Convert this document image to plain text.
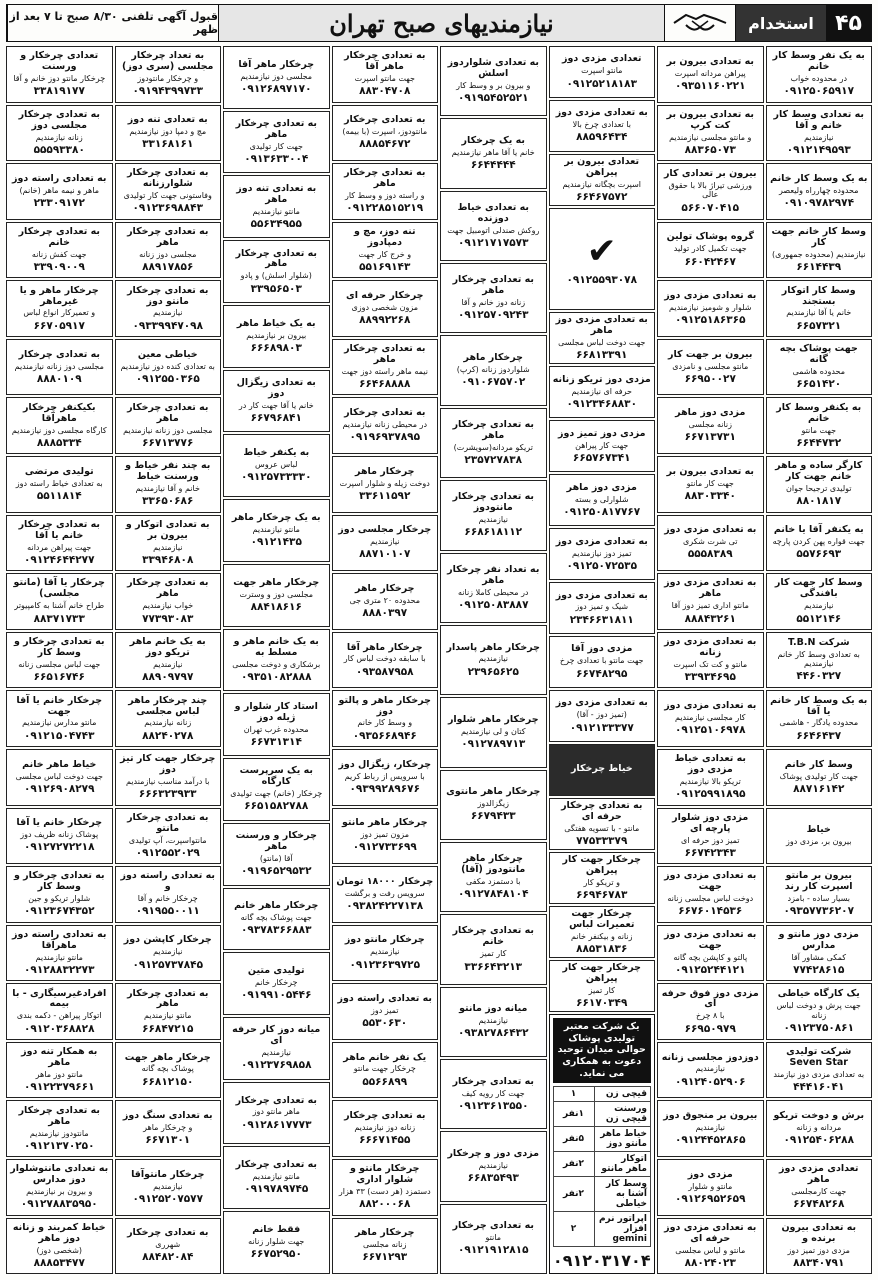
۴۵
استخدام
نیازمندیهای صبح تهران
قبول آگهی تلفنی ۸/۳۰ صبح تا ۷ بعد از ظهر
به یک نفر وسط کار خانم
در محدوده خواب
۰۹۱۲۵۰۶۵۹۱۷
به تعدادی وسط کار خانم و آقا
نیازمندیم
۰۹۱۲۱۴۹۵۹۳
به یک وسط کار خانم
محدوده چهارراه ولیعصر
۰۹۱۰۹۷۸۲۹۷۴
وسط کار خانم جهت کار
نیازمندیم (محدوده جمهوری)
۶۶۱۴۴۳۹
وسط کار اتوکار بستجند
خانم یا آقا نیازمندیم
۶۶۵۷۳۲۱
جهت پوشاک بچه گانه
محدوده هاشمی
۶۶۵۱۴۲۰
به یکنفر وسط کار خانم
جهت مانتو
۶۶۴۴۷۳۲
کارگر ساده و ماهر خانم جهت کار
تولیدی ترجیحا جوان
۸۸۰۱۸۱۷
به یکنفر آقا یا خانم
جهت قواره پهن کردن پارچه
۵۵۷۶۶۹۳
وسط کار جهت کار بافندگی
نیازمندیم
۵۵۱۲۱۴۶
شرکت T.B.N
به تعدادی وسط کار خانم نیازمندیم
۴۴۶۰۳۲۷
به یک وسط کار خانم یا آقا
محدوده یادگار - هاشمی
۶۶۴۶۴۳۷
وسط کار خانم
جهت کار تولیدی پوشاک
۸۸۷۱۶۱۴۲
خیاط
بیرون بر، مزدی دوز
بیرون بر مانتو اسپرت کار رند
بسیار ساده - بامزد
۰۹۳۵۷۷۳۶۲۰۷
مزدی دوز مانتو و مدارس
کمکی مشاور آقا
۷۷۴۲۸۶۱۵
یک کارگاه خیاطی
جهت پرش و دوخت لباس زنانه
۰۹۱۲۳۷۵۰۸۶۱
شرکت تولیدی Seven Star
به تعدادی مزدی دوز نیازمند
۴۴۴۱۶۰۴۱
برش و دوخت تریکو
مردانه و زنانه
۰۹۱۲۵۴۰۶۲۸۸
تعدادی مزدی دوز ماهر
جهت کارمجلسی
۶۶۷۴۸۲۶۸
به تعدادی بیرون برنده و
مزدی دوز تمیز دوز
۸۸۳۴۰۷۹۱
به تعدادی بیرون بر
پیراهن مردانه اسپرت
۰۹۳۵۱۱۶۰۲۲۱
به تعدادی بیرون بر کت کرپ
و مانتو مجلسی نیازمندیم
۸۸۳۶۵۰۷۳
بیرون بر تعدادی کار
ورزشی تیراژ بالا با حقوق عالی
۵۶۶۰۷۰۴۱۵
گروه پوشاک تولین
جهت تکمیل کادر تولید
۶۶۰۴۲۴۶۷
به تعدادی مزدی دوز
شلوار و شومیز نیازمندیم
۰۹۱۲۵۱۸۶۳۶۵
بیرون بر جهت کار
مانتو مجلسی و نامزدی
۶۶۹۵۰۰۲۷
مزدی دوز ماهر
زنانه مجلسی
۶۶۷۱۳۷۳۱
به تعدادی بیرون بر
جهت کار مانتو
۸۸۳۰۳۳۴۰
به تعدادی مزدی دوز
تی شرت شکری
۵۵۵۸۳۸۹
به تعدادی مزدی دوز ماهر
مانتو اداری تمیز دوز آقا
۸۸۸۴۳۲۶۱
به تعدادی مزدی دوز زنانه
مانتو و کت تک اسپرت
۳۳۹۳۴۶۹۵
به تعدادی مزدی دوز
کار مجلسی نیازمندیم
۰۹۱۲۵۱۰۶۹۷۸
به تعدادی خیاط مزدی دوز
تریکو بالا نیازمندیم
۰۹۱۲۵۹۹۱۸۹۵
مزدی دوز شلوار پارچه ای
تمیز دوز حرفه ای
۶۶۷۴۲۳۴۳
به تعدادی مزدی دوز جهت
دوخت لباس مجلسی زنانه
۶۶۷۶۰۱۴۵۳۶
به تعدادی مزدی دوز جهت
پالتو و کاپشن بچه گانه
۰۹۱۲۵۲۴۴۱۲۱
مزدی دوز فوق حرفه ای
با ۸ چرخ
۶۶۹۵۰۹۷۹
دوزدوز مجلسی زنانه
نیازمندیم
۰۹۱۲۴۰۵۲۹۰۶
بیرون بر منجوق دوز
نیازمندیم
۰۹۱۲۴۴۵۲۸۶۵
مزدی دوز
مانتو و شلوار
۰۹۱۲۶۹۵۲۶۵۹
به تعدادی مزدی دوز حرفه ای
مانتو و لباس مجلسی
۸۸۰۲۴۰۲۳
تعدادی مزدی دوز
مانتو اسپرت
۰۹۱۲۵۲۱۸۱۸۳
به تعدادی مزدی دوز
با تعدادی چرخ بالا
۸۸۵۹۶۴۳۴
تعدادی بیرون بر پیراهن
اسپرت بچگانه نیازمندیم
۶۶۴۶۷۵۷۲
✔
۰۹۱۲۵۵۹۳۰۷۸
به تعدادی مزدی دوز ماهر
جهت دوخت لباس مجلسی
۶۶۸۱۳۳۹۱
مزدی دوز تریکو زنانه
حرفه ای نیازمندیم
۰۹۱۲۳۴۶۸۸۳۰
مزدی دوز تمیز دوز
جهت کار پیراهن
۶۶۵۷۶۷۳۴۱
مزدی دوز ماهر
شلوارلی و بسته
۰۹۱۲۵۰۸۱۷۷۶۷
به تعدادی مزدی دوز
تمیز دوز نیازمندیم
۰۹۱۲۵۰۷۲۵۳۵
به تعدادی مزدی دوز
شیک و تمیز دوز
۲۳۴۶۶۳۱۸۱۱
مزدی دوز آقا
جهت مانتو با تعدادی چرخ
۶۶۷۴۸۲۹۵
به تعدادی مزدی دوز
(تمیز دوز - آقا)
۰۹۱۲۱۳۳۳۷۷
خیاط چرخکار
به تعدادی چرخکار حرفه ای
مانتو - با تسویه هفتگی
۷۷۵۳۳۳۷۹
چرخکار جهت کار پیراهن
و تریکو کار
۶۶۹۴۶۷۸۳
چرخکار جهت تعمیرات لباس
زنانه و بیکنفر خانم
۸۸۵۳۱۸۳۶
چرخکار جهت کار پیراهن
کار تمیز
۶۶۱۷۰۳۴۹
یک شرکت معتبر تولیدی پوشاک حوالی میدان توحید دعوت به همکاری می نماید.
قیچی زن	۱
ورسنت قیچی زن	۱نفر
خیاط ماهر مانتو دوز	۵نفر
اتوکار ماهر مانتو	۲نفر
وسط کار آشنا به خیاطی	۲نفر
اپراتور نرم افزار gemini	۲
۰۹۱۲۰۳۱۷۰۴
به تعدادی شلواردوز اسلش
و بیرون بر و وسط کار
۰۹۱۹۵۴۵۲۵۲۱
به یک چرخکار
خانم یا آقا ماهر نیازمندیم
۶۶۴۴۴۴۴
به تعدادی خیاط دوزنده
روکش صندلی اتومبیل جهت
۰۹۱۲۱۷۱۷۵۷۳
به تعدادی چرخکار ماهر
زنانه دوز خانم و آقا
۰۹۱۲۵۷۰۹۲۴۳
چرخکار ماهر
شلواردوز زنانه (کرپ)
۰۹۱۰۶۷۵۷۰۲
به تعدادی چرخکار ماهر
تریکو مردانه(سویشرت)
۲۳۵۷۲۷۸۳۸
به تعدادی چرخکار مانتودوز
نیازمندیم
۶۶۸۶۱۸۱۱۲
به تعداد نفر چرخکار ماهر
در محیطی کاملا زنانه
۰۹۱۲۵۰۸۳۸۸۷
چرخکار ماهر پاسدار
نیازمندیم
۲۳۹۶۵۶۲۵
چرخکار ماهر شلوار
کتان و لی نیازمندیم
۰۹۱۲۷۸۹۷۱۳
چرخکار ماهر مانتوی
زیگزالدوز
۶۶۷۹۴۳۳
چرخکار ماهر مانتودوز (آقا)
با دستمزد مکفی
۰۹۱۲۷۸۴۸۱۰۴
به تعدادی چرخکار خانم
کار تمیز
۳۳۶۶۴۳۲۱۳
میانه دوز مانتو
نیازمندیم
۰۹۳۸۲۷۸۶۴۳۲
به تعدادی چرخکار
جهت کار رویه کیف
۰۹۱۲۳۶۱۳۵۵۰
مزدی دوز و چرخکار
نیازمندیم
۶۶۸۳۵۴۹۳
به تعدادی چرخکار
مانتو
۰۹۱۲۱۹۱۲۸۱۵
به تعدادی چرخکار ماهر آقا
جهت مانتو اسپرت
۸۸۳۰۴۷۰۸
به تعدادی چرخکار
مانتودوز، اسپرت (با بیمه)
۸۸۸۵۴۶۷۲
به تعدادی چرخکار ماهر
و راسته دوز و وسط کار
۰۹۱۲۲۸۵۱۵۲۱۹
تنه دوز، مچ و دمپادوز
و خرج کار جهت
۵۵۱۶۹۱۴۳
چرخکار حرفه ای
مزون شخصی دوزی
۸۸۹۹۲۲۶۸
به تعدادی چرخکار ماهر
نیمه ماهر راسته دوز جهت
۶۶۴۶۸۸۸۸
به تعدادی چرخکار
در محیطی زنانه نیازمندیم
۰۹۱۹۶۹۳۷۸۹۵
چرخکار ماهر
دوخت زیله و شلوار اسپرت
۳۳۶۱۱۵۹۲
چرخکار مجلسی دوز
نیازمندیم
۸۸۷۱۰۱۰۷
چرخکار ماهر
محدوده ۲۰ متری جی
۸۸۸۰۳۹۷
چرخکار ماهر آقا
با سابقه دوخت لباس کار
۰۹۳۵۸۷۹۵۸
چرخکار ماهر و پالتو دوز
و وسط کار خانم
۰۹۳۵۶۶۸۹۴۶
چرخکار، زیگزال دوز
با سرویس از رباط کریم
۰۹۳۹۹۲۸۹۶۷۶
چرخکار ماهر مانتو
مزون تمیز دوز
۰۹۱۲۷۳۳۶۹۹
چرخکار ۱۸۰۰۰ تومان
سرویس رفت و برگشت
۰۹۳۸۲۴۲۲۷۱۳۸
چرخکار مانتو دوز
نیازمندیم
۰۹۱۲۳۶۳۹۷۲۵
به تعدادی راسته دوز
تمیز دوز
۵۵۳۰۶۳۰
یک نفر خانم ماهر
چرخکار جهت مانتو
۵۵۶۶۸۹۹
به تعدادی چرخکار
زنانه دوز نیازمندیم
۶۶۶۷۱۴۵۵
چرخکار مانتو و شلوار اداری
دستمزد (هر دست) ۳۳ هزار
۸۸۲۰۰۰۶۸
چرخکار ماهر
زنانه مجلسی
۶۶۷۱۲۹۳
چرخکار ماهر آقا
مجلسی دوز نیازمندیم
۰۹۱۲۶۸۹۷۱۷۰
به تعدادی چرخکار ماهر
جهت کار تولیدی
۰۹۱۳۶۳۳۰۰۴
به تعدادی تنه دوز ماهر
مانتو نیازمندیم
۵۵۶۳۴۹۵۵
به تعدادی چرخکار ماهر
(شلوار اسلش) و پادو
۳۳۹۵۶۵۰۳
به یک خیاط ماهر
بیرون بر نیازمندیم
۶۶۶۸۹۸۰۳
به تعدادی زیگزال دوز
خانم یا آقا جهت کار در
۶۶۷۹۶۸۴۱
به یکنفر خیاط
لباس عروس
۰۹۱۲۵۷۳۳۳۳۰
به یک چرخکار ماهر
مانتو نیازمندیم
۰۹۱۲۱۴۳۵
چرخکار ماهر جهت
مجلسی دوز و وسترت
۸۸۴۱۸۶۱۶
به یک خانم ماهر و مسلط به
برشکاری و دوخت مجلسی
۰۹۳۵۱۰۸۲۸۸۸
استاد کار شلوار و ژیله دوز
محدوده غرب تهران
۶۶۷۳۱۳۱۴
به یک سرپرست کارگاه
چرخکار (خانم) جهت تولیدی
۶۶۵۱۵۸۲۷۸۸
چرخکار و ورسنت ماهر
آقا (مانتو)
۰۹۱۹۶۵۲۹۵۳۲
چرخکار ماهر خانم
جهت پوشاک بچه گانه
۰۹۳۷۸۳۶۶۸۸۳
تولیدی متین
چرخکار خانم
۰۹۱۹۹۱۰۵۴۴۶
میانه دوز کار حرفه ای
نیازمندیم
۰۹۱۲۳۷۶۹۸۵۸
به تعدادی چرخکار
ماهر مانتو دوز
۰۹۱۲۸۶۱۷۷۷۳
به تعدادی چرخکار
مانتو نیازمندیم
۰۹۱۹۷۸۹۷۴۵
فقط خانم
جهت شلوار زنانه
۶۶۷۵۲۹۵۰
به تعداد چرخکار مجلسی (سری دوز)
و چرخکار مانتودوز
۰۹۱۹۴۳۹۹۷۳۳
به تعدادی تنه دوز
مچ و دمپا دوز نیازمندیم
۳۳۱۶۸۱۶۱
به تعدادی چرخکار شلوارزنانه
وفاستونی جهت کار تولیدی
۰۹۱۲۳۶۹۸۸۴۳
به تعدادی چرخکار ماهر
مجلسی دوز زنانه
۸۸۹۱۷۸۵۶
به تعدادی چرخکار مانتو دوز
نیازمندیم
۰۹۳۳۹۹۴۷۰۹۸
خیاطی معین
به تعدادی کنده دوز نیازمندیم
۰۹۱۲۵۵۰۳۶۵
به تعدادی چرخکار ماهر
مجلسی دوز زنانه نیازمندیم
۶۶۷۱۳۷۷۶
به چند نفر خیاط و ورسنت خیاط
خانم و آقا نیازمندیم
۳۳۶۵۰۶۸۶
به تعدادی اتوکار و بیرون بر
نیازمندیم
۳۳۹۴۶۸۰۸
به تعدادی چرخکار ماهر
خواب نیازمندیم
۷۷۳۹۳۰۸۳
به یک خانم ماهر تریکو دوز
نیازمندیم
۸۸۹۰۹۷۹۷
چند چرخکار ماهر لباس مجلسی
زنانه نیازمندیم
۸۸۲۴۰۲۷۸
چرخکار جهت کار تیز دوز
با درآمد مناسب نیازمندیم
۶۶۶۳۲۳۹۳۳
به تعدادی چرخکار مانتو
مانتواسپرت، آپ تولیدی
۰۹۱۲۵۵۲۰۲۹
به تعدادی راسته دوز و
چرخکار خانم و آقا
۰۹۱۹۵۵۰۰۱۱
چرخکار کاپشن دوز
نیازمندیم
۰۹۱۲۵۷۳۷۸۴۵
به تعدادی چرخکار ماهر
مانتو نیازمندیم
۶۶۸۴۷۲۱۵
چرخکار ماهر جهت
پوشاک بچه گانه
۶۶۸۱۲۱۵۰
به تعدادی سنگ دوز
و چرخکار ماهر
۶۶۷۱۳۰۱
چرخکار مانتوآقا
نیازمندیم
۰۹۱۲۵۲۰۷۵۷۷
به تعدادی چرخکار
شهرری
۸۸۴۸۲۰۸۴
تعدادی چرخکار و ورسنت
چرخکار مانتو دوز خانم و آقا
۳۳۸۱۹۱۷۷
به تعدادی چرخکار مجلسی دوز
زنانه نیازمندیم
۵۵۵۹۳۳۸۰
به تعدادی راسته دوز
ماهر و نیمه ماهر (خانم)
۲۳۳۰۹۱۷۲
به تعدادی چرخکار خانم
جهت کفش زنانه
۳۳۹۰۹۰۰۹
چرخکار ماهر و یا غیرماهر
و تعمیرکار انواع لباس
۶۶۷۰۵۹۱۷
به تعدادی چرخکار
مجلسی دوز زنانه نیازمندیم
۸۸۸۰۱۰۹
بکیکنفر چرخکار ماهرآقا
کارگاه مجلسی دوز نیازمندیم
۸۸۸۵۳۳۴
تولیدی مرتضی
به تعدادی خیاط راسته دوز
۵۵۱۱۸۱۴
به تعدادی چرخکار خانم یا آقا
جهت پیراهن مردانه
۰۹۱۲۴۶۴۴۲۷۷
چرخکار یا آقا (مانتو مجلسی)
طراح خانم آشنا به کامپیوتر
۸۸۳۷۱۷۳۳
به تعدادی چرخکار و وسط کار
جهت لباس مجلسی زنانه
۶۶۵۱۶۷۴۶
چرخکار خانم یا آقا جهت
مانتو مدارس نیازمندیم
۰۹۱۲۱۵۰۴۷۴۳
خیاط ماهر خانم
جهت دوخت لباس مجلسی
۰۹۱۲۶۹۰۸۲۷۹
چرخکار خانم یا آقا
پوشاک زنانه ظریف دوز
۰۹۱۲۷۲۷۲۲۱۸
به تعدادی چرخکار و وسط کار
شلوار تریکو و جین
۰۹۱۲۳۶۷۴۳۵۲
به تعدادی راسته دوز ماهرآقا
مانتو نیازمندیم
۰۹۱۲۸۸۳۲۲۷۳
افرادغیرسیگاری - با بیمه
اتوکار پیراهن - دکمه بندی
۰۹۱۲۰۳۶۸۸۲۸
به همکار تنه دوز ماهر
مانتو دوز ماهر
۰۹۱۲۲۳۷۹۶۶۱
به تعدادی چرخکار ماهر
مانتودوز نیازمندیم
۰۹۱۲۱۳۷۰۲۵۰
به تعدادی مانتوشلوار دوز مدارس
و بیرون بر نیازمندیم
۰۹۱۲۷۸۸۳۵۹۵۰
خیاط کمربند و زنانه دوز ماهر
(شخصی دوز)
۸۸۸۵۳۴۷۷
